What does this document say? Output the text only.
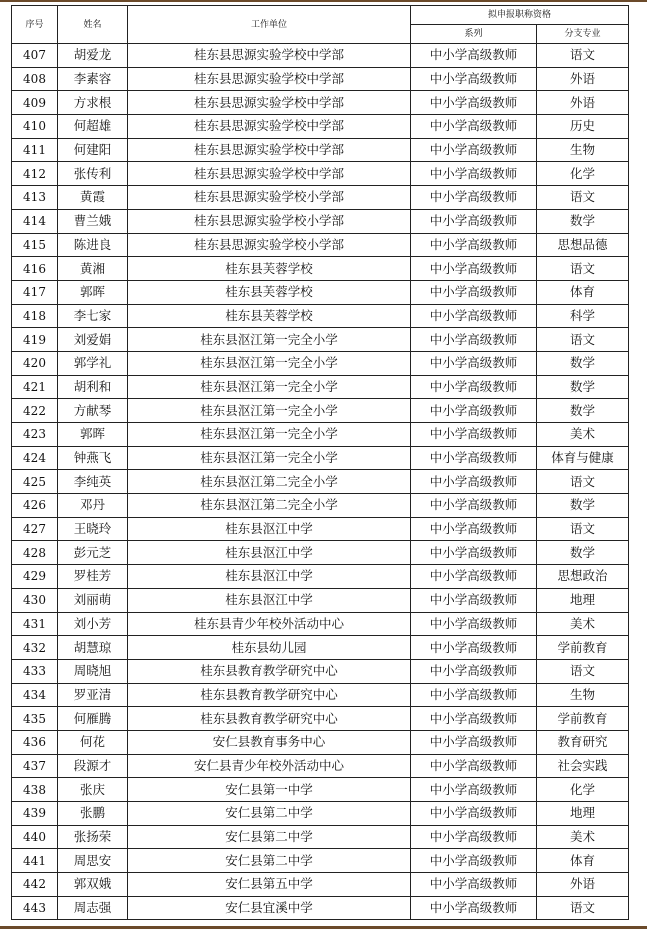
序号	姓名	工作单位	拟申报职称资格	
			系列	分支专业
407	胡爱龙	桂东县思源实验学校中学部	中小学高级教师	语文
408	李素容	桂东县思源实验学校中学部	中小学高级教师	外语
409	方求根	桂东县思源实验学校中学部	中小学高级教师	外语
410	何超雄	桂东县思源实验学校中学部	中小学高级教师	历史
411	何建阳	桂东县思源实验学校中学部	中小学高级教师	生物
412	张传利	桂东县思源实验学校中学部	中小学高级教师	化学
413	黄霞	桂东县思源实验学校小学部	中小学高级教师	语文
414	曹兰娥	桂东县思源实验学校小学部	中小学高级教师	数学
415	陈进良	桂东县思源实验学校小学部	中小学高级教师	思想品德
416	黄湘	桂东县芙蓉学校	中小学高级教师	语文
417	郭晖	桂东县芙蓉学校	中小学高级教师	体育
418	李七家	桂东县芙蓉学校	中小学高级教师	科学
419	刘爱娟	桂东县沤江第一完全小学	中小学高级教师	语文
420	郭学礼	桂东县沤江第一完全小学	中小学高级教师	数学
421	胡利和	桂东县沤江第一完全小学	中小学高级教师	数学
422	方献琴	桂东县沤江第一完全小学	中小学高级教师	数学
423	郭晖	桂东县沤江第一完全小学	中小学高级教师	美术
424	钟燕飞	桂东县沤江第一完全小学	中小学高级教师	体育与健康
425	李纯英	桂东县沤江第二完全小学	中小学高级教师	语文
426	邓丹	桂东县沤江第二完全小学	中小学高级教师	数学
427	王晓玲	桂东县沤江中学	中小学高级教师	语文
428	彭元芝	桂东县沤江中学	中小学高级教师	数学
429	罗桂芳	桂东县沤江中学	中小学高级教师	思想政治
430	刘丽萌	桂东县沤江中学	中小学高级教师	地理
431	刘小芳	桂东县青少年校外活动中心	中小学高级教师	美术
432	胡慧琼	桂东县幼儿园	中小学高级教师	学前教育
433	周晓旭	桂东县教育教学研究中心	中小学高级教师	语文
434	罗亚清	桂东县教育教学研究中心	中小学高级教师	生物
435	何雁腾	桂东县教育教学研究中心	中小学高级教师	学前教育
436	何花	安仁县教育事务中心	中小学高级教师	教育研究
437	段源才	安仁县青少年校外活动中心	中小学高级教师	社会实践
438	张庆	安仁县第一中学	中小学高级教师	化学
439	张鹏	安仁县第二中学	中小学高级教师	地理
440	张扬荣	安仁县第二中学	中小学高级教师	美术
441	周思安	安仁县第二中学	中小学高级教师	体育
442	郭双娥	安仁县第五中学	中小学高级教师	外语
443	周志强	安仁县宜溪中学	中小学高级教师	语文
